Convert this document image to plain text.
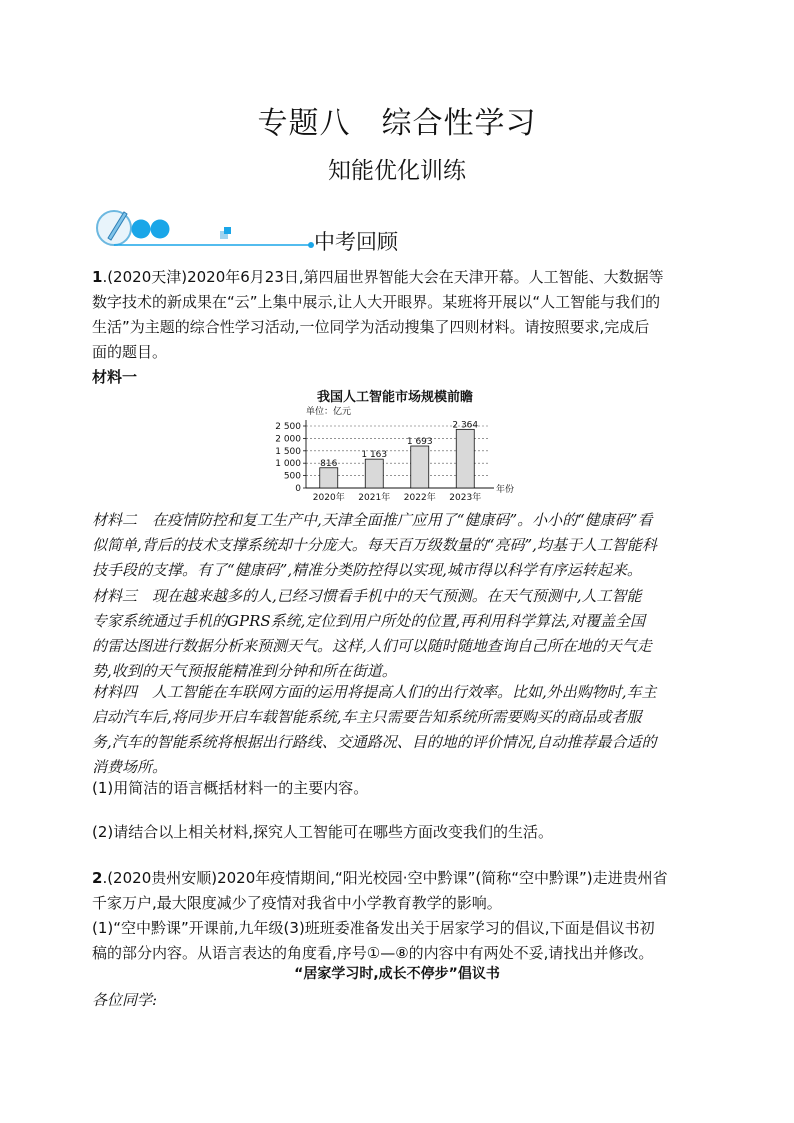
专题八　综合性学习
知能优化训练
中考回顾
1.(2020天津)2020年6月23日,第四届世界智能大会在天津开幕。人工智能、大数据等
数字技术的新成果在“云”上集中展示,让人大开眼界。某班将开展以“人工智能与我们的
生活”为主题的综合性学习活动,一位同学为活动搜集了四则材料。请按照要求,完成后
面的题目。
材料一
我国人工智能市场规模前瞻
单位：亿元
0
500
1 000
1 500
2 000
2 500
816
2020年
1 163
2021年
1 693
2022年
2 364
2023年
年份
材料二　在疫情防控和复工生产中,天津全面推广应用了“健康码”。小小的“健康码”看
似简单,背后的技术支撑系统却十分庞大。每天百万级数量的“亮码”,均基于人工智能科
技手段的支撑。有了“健康码”,精准分类防控得以实现,城市得以科学有序运转起来。
材料三　现在越来越多的人,已经习惯看手机中的天气预测。在天气预测中,人工智能
专家系统通过手机的GPRS系统,定位到用户所处的位置,再利用科学算法,对覆盖全国
的雷达图进行数据分析来预测天气。这样,人们可以随时随地查询自己所在地的天气走
势,收到的天气预报能精准到分钟和所在街道。
材料四　人工智能在车联网方面的运用将提高人们的出行效率。比如,外出购物时,车主
启动汽车后,将同步开启车载智能系统,车主只需要告知系统所需要购买的商品或者服
务,汽车的智能系统将根据出行路线、交通路况、目的地的评价情况,自动推荐最合适的
消费场所。
(1)用简洁的语言概括材料一的主要内容。
(2)请结合以上相关材料,探究人工智能可在哪些方面改变我们的生活。
2.(2020贵州安顺)2020年疫情期间,“阳光校园·空中黔课”(简称“空中黔课”)走进贵州省
千家万户,最大限度减少了疫情对我省中小学教育教学的影响。
(1)“空中黔课”开课前,九年级(3)班班委准备发出关于居家学习的倡议,下面是倡议书初
稿的部分内容。从语言表达的角度看,序号①—⑧的内容中有两处不妥,请找出并修改。
“居家学习时,成长不停步”倡议书
各位同学:
